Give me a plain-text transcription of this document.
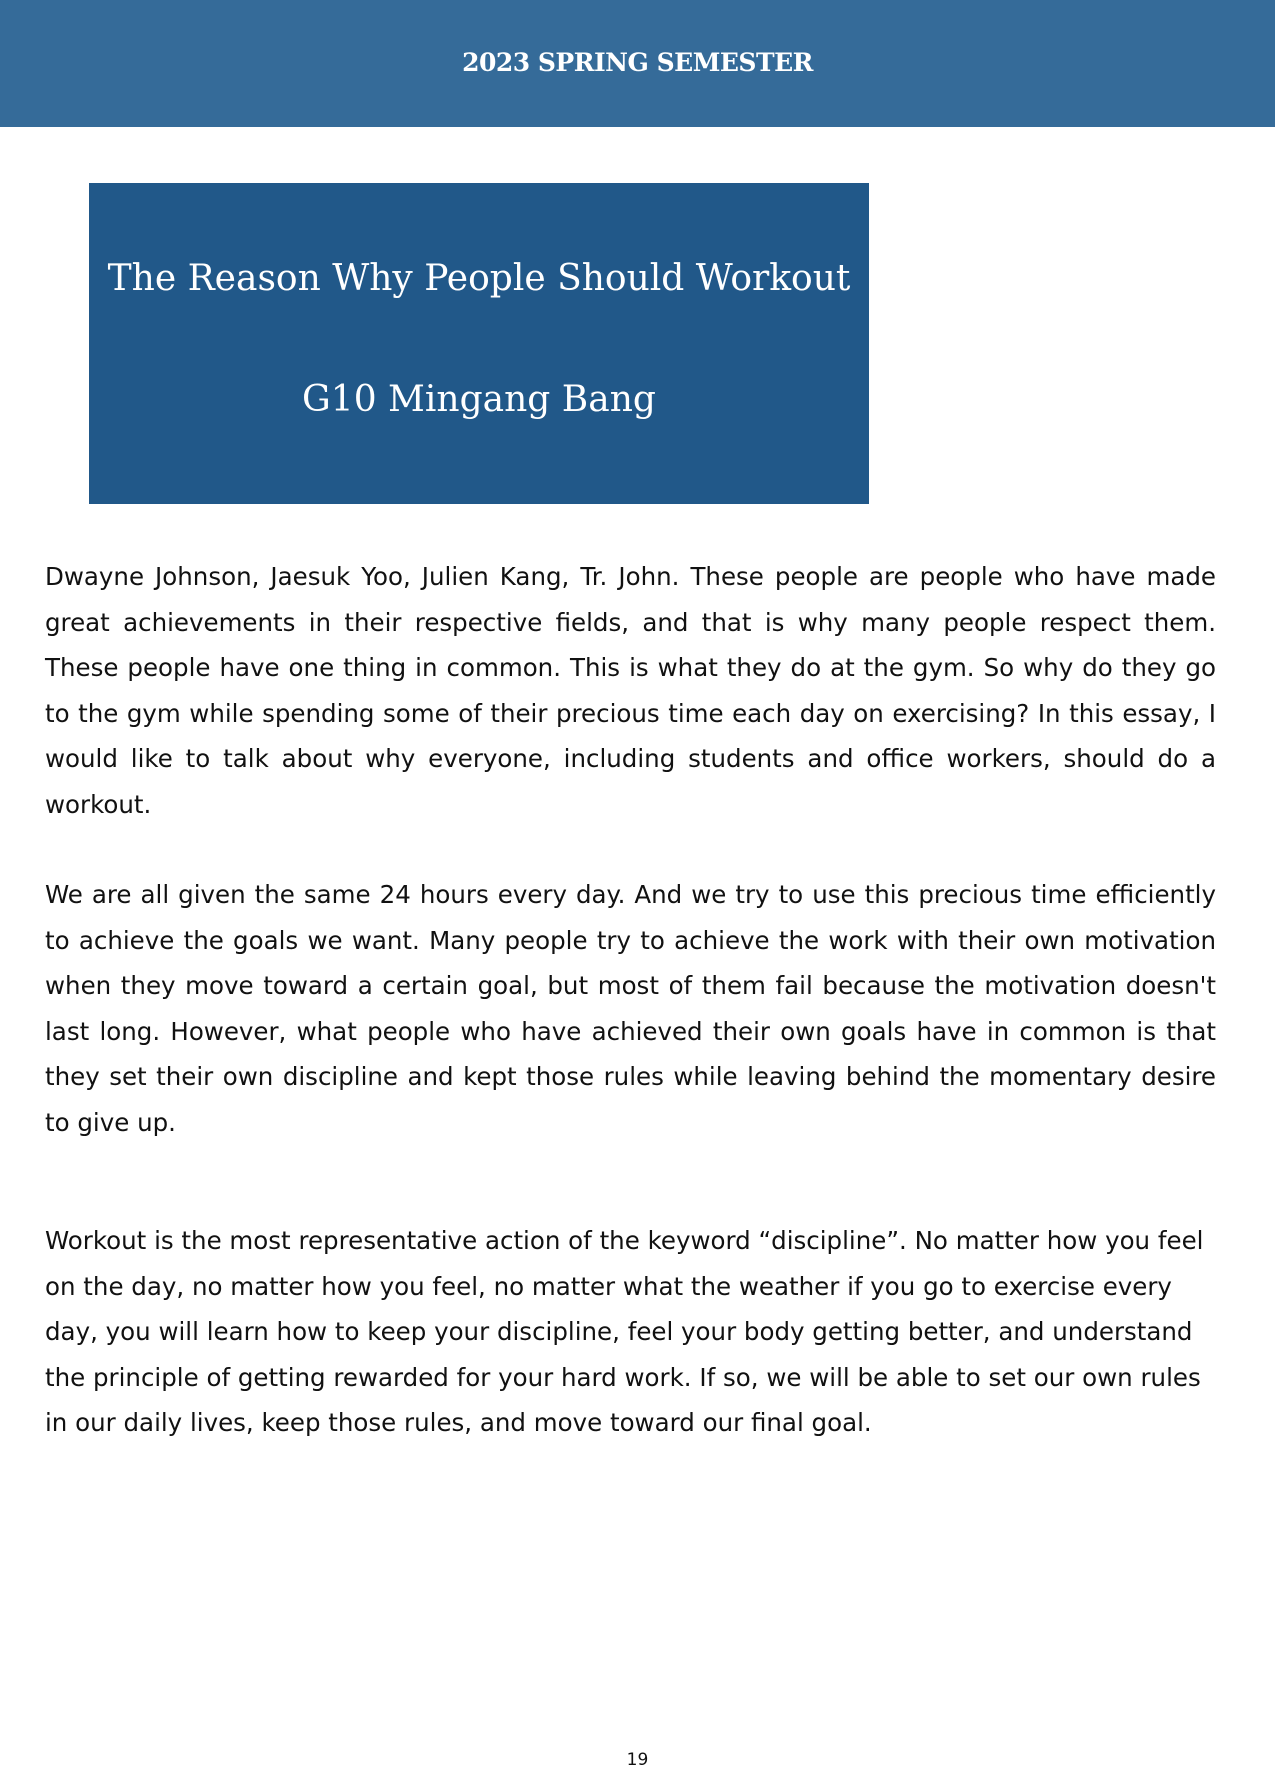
2023 SPRING SEMESTER
The Reason Why People Should Workout
G10 Mingang Bang

Dwayne Johnson, Jaesuk Yoo, Julien Kang, Tr. John. These people are people who have made great achievements in their respective fields, and that is why many people respect them. These people have one thing in common. This is what they do at the gym. So why do they go to the gym while spending some of their precious time each day on exercising? In this essay, I would like to talk about why everyone, including students and office workers, should do a workout.

We are all given the same 24 hours every day. And we try to use this precious time efficiently to achieve the goals we want. Many people try to achieve the work with their own motivation when they move toward a certain goal, but most of them fail because the motivation doesn't last long. However, what people who have achieved their own goals have in common is that they set their own discipline and kept those rules while leaving behind the momentary desire to give up.

Workout is the most representative action of the keyword “discipline”. No matter how you feel on the day, no matter how you feel, no matter what the weather if you go to exercise every day, you will learn how to keep your discipline, feel your body getting better, and understand the principle of getting rewarded for your hard work. If so, we will be able to set our own rules in our daily lives, keep those rules, and move toward our final goal.

19
